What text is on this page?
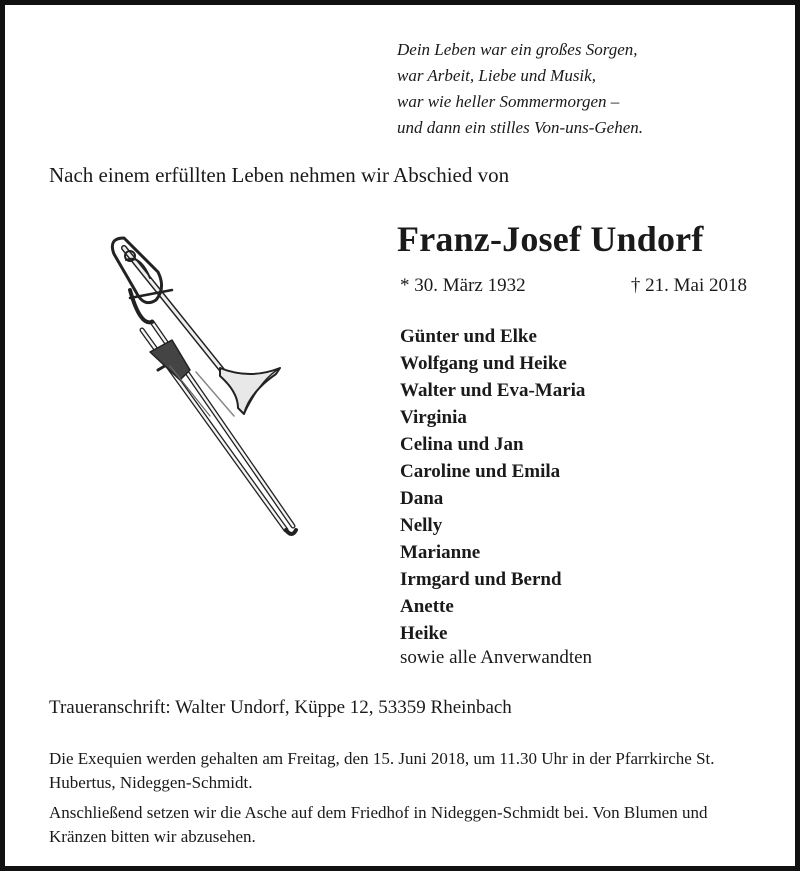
Dein Leben war ein großes Sorgen,
war Arbeit, Liebe und Musik,
war wie heller Sommermorgen –
und dann ein stilles Von-uns-Gehen.
Nach einem erfüllten Leben nehmen wir Abschied von
Franz-Josef Undorf
* 30. März 1932	† 21. Mai 2018
Günter und Elke
Wolfgang und Heike
Walter und Eva-Maria
Virginia
Celina und Jan
Caroline und Emila
Dana
Nelly
Marianne
Irmgard und Bernd
Anette
Heike
sowie alle Anverwandten
Traueranschrift: Walter Undorf, Küppe 12, 53359 Rheinbach
Die Exequien werden gehalten am Freitag, den 15. Juni 2018, um 11.30 Uhr in der Pfarrkirche St. Hubertus, Nideggen-Schmidt.
Anschließend setzen wir die Asche auf dem Friedhof in Nideggen-Schmidt bei. Von Blumen und Kränzen bitten wir abzusehen.
